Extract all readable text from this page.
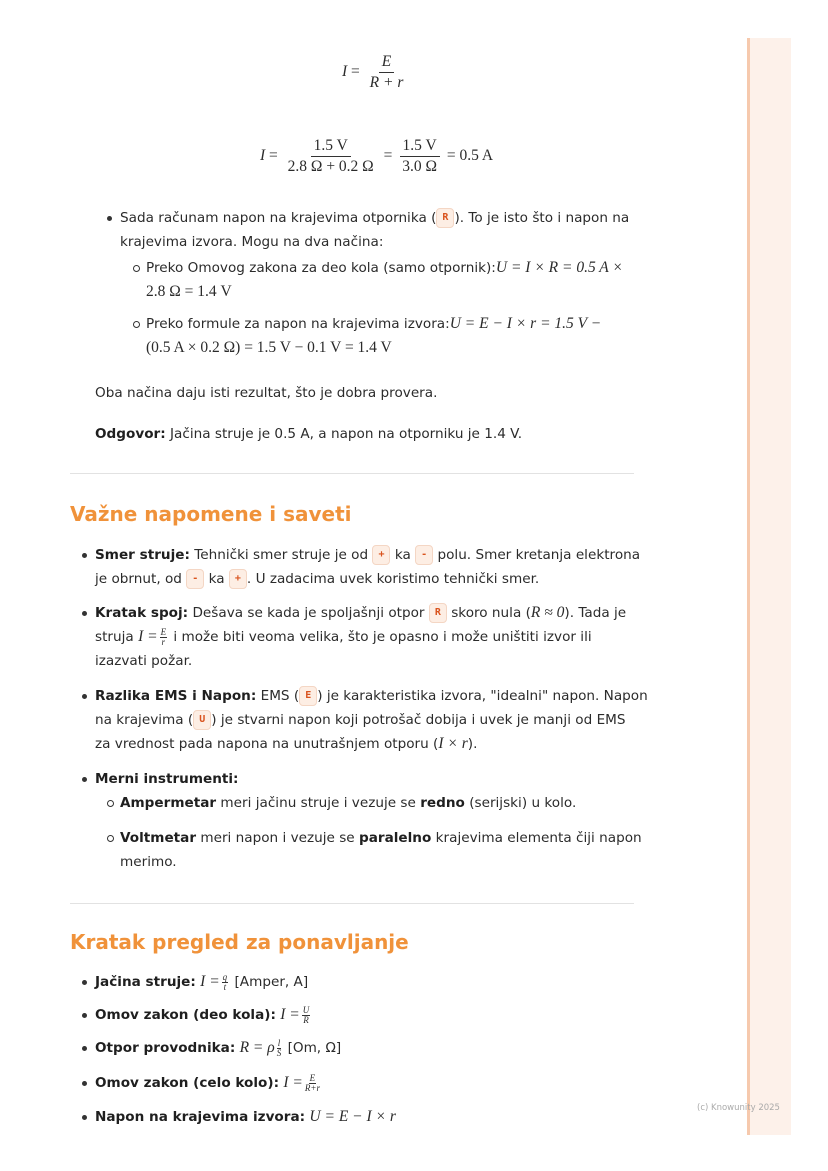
$I = \frac{E}{R + r}$
$I = \frac{1.5 V}{2.8 \Omega + 0.2 \Omega} = \frac{1.5 V}{3.0 \Omega} = 0.5$ A
Sada računam napon na krajevima otpornika ( R ). To je isto što i napon na
krajevima izvora. Mogu na dva načina:
Preko Omovog zakona za deo kola (samo otpornik):U = I × R = 0.5 A ×
2.8 Ω = 1.4 V
Preko formule za napon na krajevima izvora:U = E − I × r = 1.5 V −
(0.5 A × 0.2 Ω) = 1.5 V − 0.1 V = 1.4 V
Oba načina daju isti rezultat, što je dobra provera.
Odgovor: Jačina struje je 0.5 A, a napon na otporniku je 1.4 V.
Važne napomene i saveti
Smer struje: Tehnički smer struje je od + ka - polu. Smer kretanja elektrona
je obrnut, od - ka + . U zadacima uvek koristimo tehnički smer.
Kratak spoj: Dešava se kada je spoljašnji otpor R skoro nula (R ≈ 0). Tada je
struja $I = \frac{E}{r}$ i može biti veoma velika, što je opasno i može uništiti izvor ili
izazvati požar.
Razlika EMS i Napon: EMS ( E ) je karakteristika izvora, "idealni" napon. Napon
na krajevima ( U ) je stvarni napon koji potrošač dobija i uvek je manji od EMS
za vrednost pada napona na unutrašnjem otporu (I × r).
Merni instrumenti:
Ampermetar meri jačinu struje i vezuje se redno (serijski) u kolo.
Voltmetar meri napon i vezuje se paralelno krajevima elementa čiji napon
merimo.
Kratak pregled za ponavljanje
Jačina struje: $I = \frac{q}{t}$ [Amper, A]
Omov zakon (deo kola): $I = \frac{U}{R}$
Otpor provodnika: R = ρ $\frac{l}{S} [Om$, Ω]
Omov zakon (celo kolo): $I = \frac{E}{R+r}$
Napon na krajevima izvora: U = E − I × r	(c) Knowunity 2025
